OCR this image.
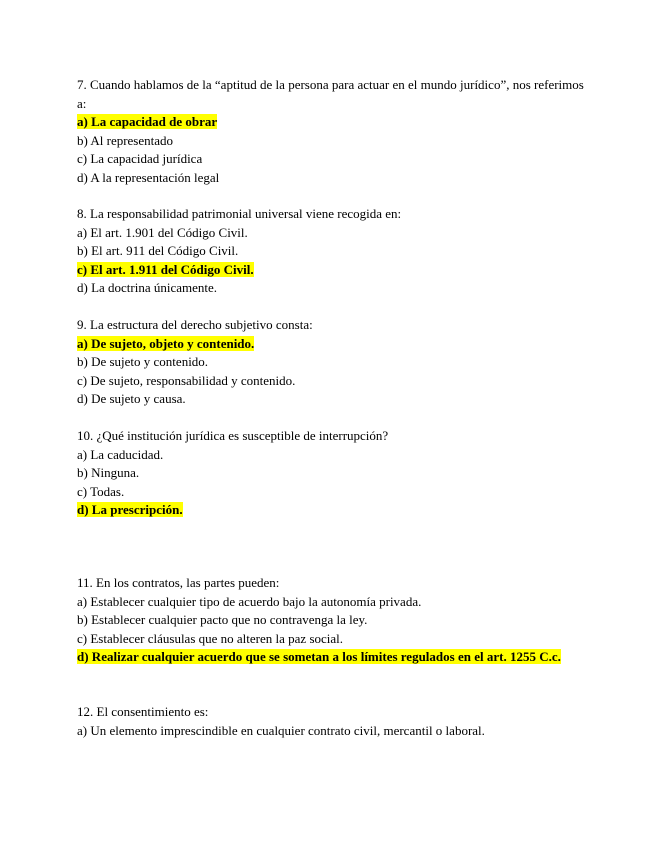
7. Cuando hablamos de la “aptitud de la persona para actuar en el mundo jurídico”, nos referimos a:
a) La capacidad de obrar
b) Al representado
c) La capacidad jurídica
d) A la representación legal
8. La responsabilidad patrimonial universal viene recogida en:
a) El art. 1.901 del Código Civil.
b) El art. 911 del Código Civil.
c) El art. 1.911 del Código Civil.
d) La doctrina únicamente.
9. La estructura del derecho subjetivo consta:
a) De sujeto, objeto y contenido.
b) De sujeto y contenido.
c) De sujeto, responsabilidad y contenido.
d) De sujeto y causa.
10. ¿Qué institución jurídica es susceptible de interrupción?
a) La caducidad.
b) Ninguna.
c) Todas.
d) La prescripción.
11. En los contratos, las partes pueden:
a) Establecer cualquier tipo de acuerdo bajo la autonomía privada.
b) Establecer cualquier pacto que no contravenga la ley.
c) Establecer cláusulas que no alteren la paz social.
d) Realizar cualquier acuerdo que se sometan a los límites regulados en el art. 1255 C.c.
12. El consentimiento es:
a) Un elemento imprescindible en cualquier contrato civil, mercantil o laboral.
